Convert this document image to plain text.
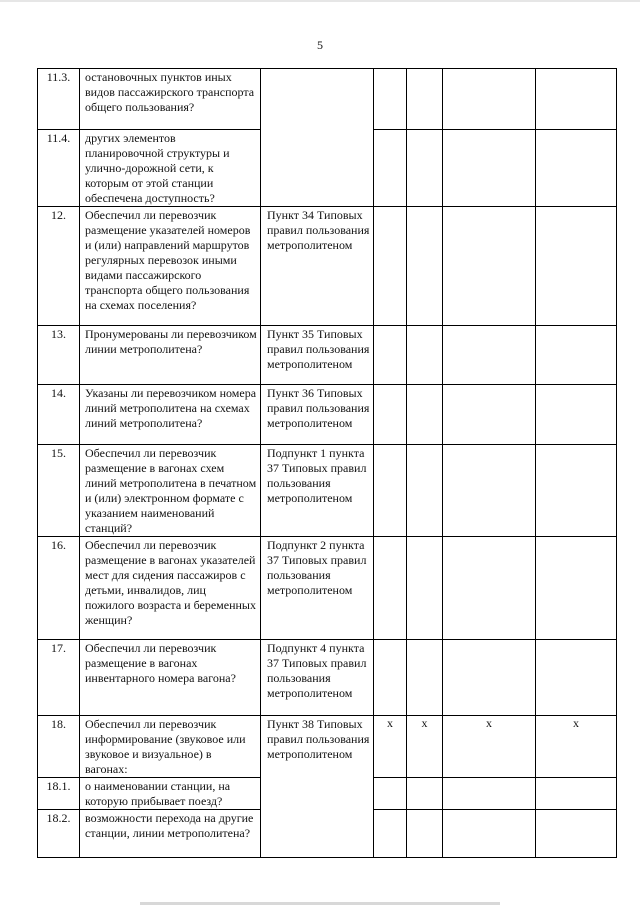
5
11.3.	остановочных пунктов иных видов пассажирского транспорта общего пользования?					
11.4.	других элементов планировочной структуры и улично-дорожной сети, к которым от этой станции обеспечена доступность?					
12.	Обеспечил ли перевозчик размещение указателей номеров и (или) направлений маршрутов регулярных перевозок иными видами пассажирского транспорта общего пользования на схемах поселения?	Пункт 34 Типовых правил пользования метрополитеном				
13.	Пронумерованы ли перевозчиком линии метрополитена?	Пункт 35 Типовых правил пользования метрополитеном				
14.	Указаны ли перевозчиком номера линий метрополитена на схемах линий метрополитена?	Пункт 36 Типовых правил пользования метрополитеном				
15.	Обеспечил ли перевозчик размещение в вагонах схем линий метрополитена в печатном и (или) электронном формате с указанием наименований станций?	Подпункт 1 пункта 37 Типовых правил пользования метрополитеном				
16.	Обеспечил ли перевозчик размещение в вагонах указателей мест для сидения пассажиров с детьми, инвалидов, лиц пожилого возраста и беременных женщин?	Подпункт 2 пункта 37 Типовых правил пользования метрополитеном				
17.	Обеспечил ли перевозчик размещение в вагонах инвентарного номера вагона?	Подпункт 4 пункта 37 Типовых правил пользования метрополитеном				
18.	Обеспечил ли перевозчик информирование (звуковое или звуковое и визуальное) в вагонах:	Пункт 38 Типовых правил пользования метрополитеном	x	x	x	x
18.1.	о наименовании станции, на которую прибывает поезд?					
18.2.	возможности перехода на другие станции, линии метрополитена?					
